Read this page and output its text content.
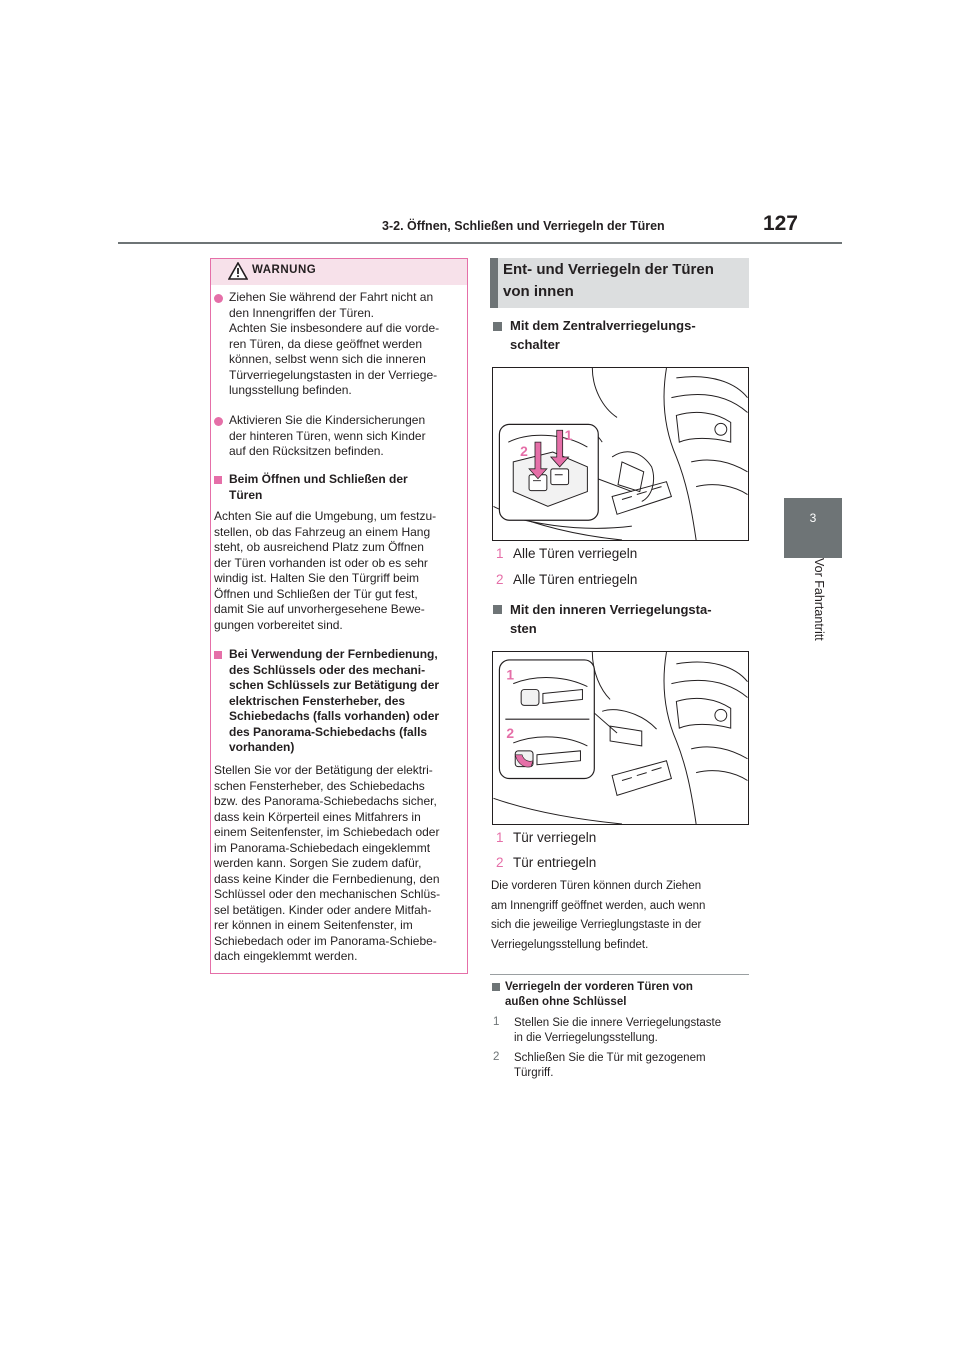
3-2. Öffnen, Schließen und Verriegeln der Türen	127
3
Vor Fahrtantritt
WARNUNG
Ziehen Sie während der Fahrt nicht an
den Innengriffen der Türen.
Achten Sie insbesondere auf die vorde-
ren Türen, da diese geöffnet werden
können, selbst wenn sich die inneren
Türverriegelungstasten in der Verriege-
lungsstellung befinden.
Aktivieren Sie die Kindersicherungen
der hinteren Türen, wenn sich Kinder
auf den Rücksitzen befinden.
Beim Öffnen und Schließen der
Türen
Achten Sie auf die Umgebung, um festzu-
stellen, ob das Fahrzeug an einem Hang
steht, ob ausreichend Platz zum Öffnen
der Türen vorhanden ist oder ob es sehr
windig ist. Halten Sie den Türgriff beim
Öffnen und Schließen der Tür gut fest,
damit Sie auf unvorhergesehene Bewe-
gungen vorbereitet sind.
Bei Verwendung der Fernbedienung,
des Schlüssels oder des mechani-
schen Schlüssels zur Betätigung der
elektrischen Fensterheber, des
Schiebedachs (falls vorhanden) oder
des Panorama-Schiebedachs (falls
vorhanden)
Stellen Sie vor der Betätigung der elektri-
schen Fensterheber, des Schiebedachs
bzw. des Panorama-Schiebedachs sicher,
dass kein Körperteil eines Mitfahrers in
einem Seitenfenster, im Schiebedach oder
im Panorama-Schiebedach eingeklemmt
werden kann. Sorgen Sie zudem dafür,
dass keine Kinder die Fernbedienung, den
Schlüssel oder den mechanischen Schlüs-
sel betätigen. Kinder oder andere Mitfah-
rer können in einem Seitenfenster, im
Schiebedach oder im Panorama-Schiebe-
dach eingeklemmt werden.
Ent- und Verriegeln der Türen
von innen
Mit dem Zentralverriegelungs-
schalter
1
2
1 Alle Türen verriegeln
2 Alle Türen entriegeln
Mit den inneren Verriegelungsta-
sten
1
2
1 Tür verriegeln
2 Tür entriegeln
Die vorderen Türen können durch Ziehen
am Innengriff geöffnet werden, auch wenn
sich die jeweilige Verrieglungstaste in der
Verriegelungsstellung befindet.
Verriegeln der vorderen Türen von
außen ohne Schlüssel
1 Stellen Sie die innere Verriegelungstaste
in die Verriegelungsstellung.
2 Schließen Sie die Tür mit gezogenem
Türgriff.
